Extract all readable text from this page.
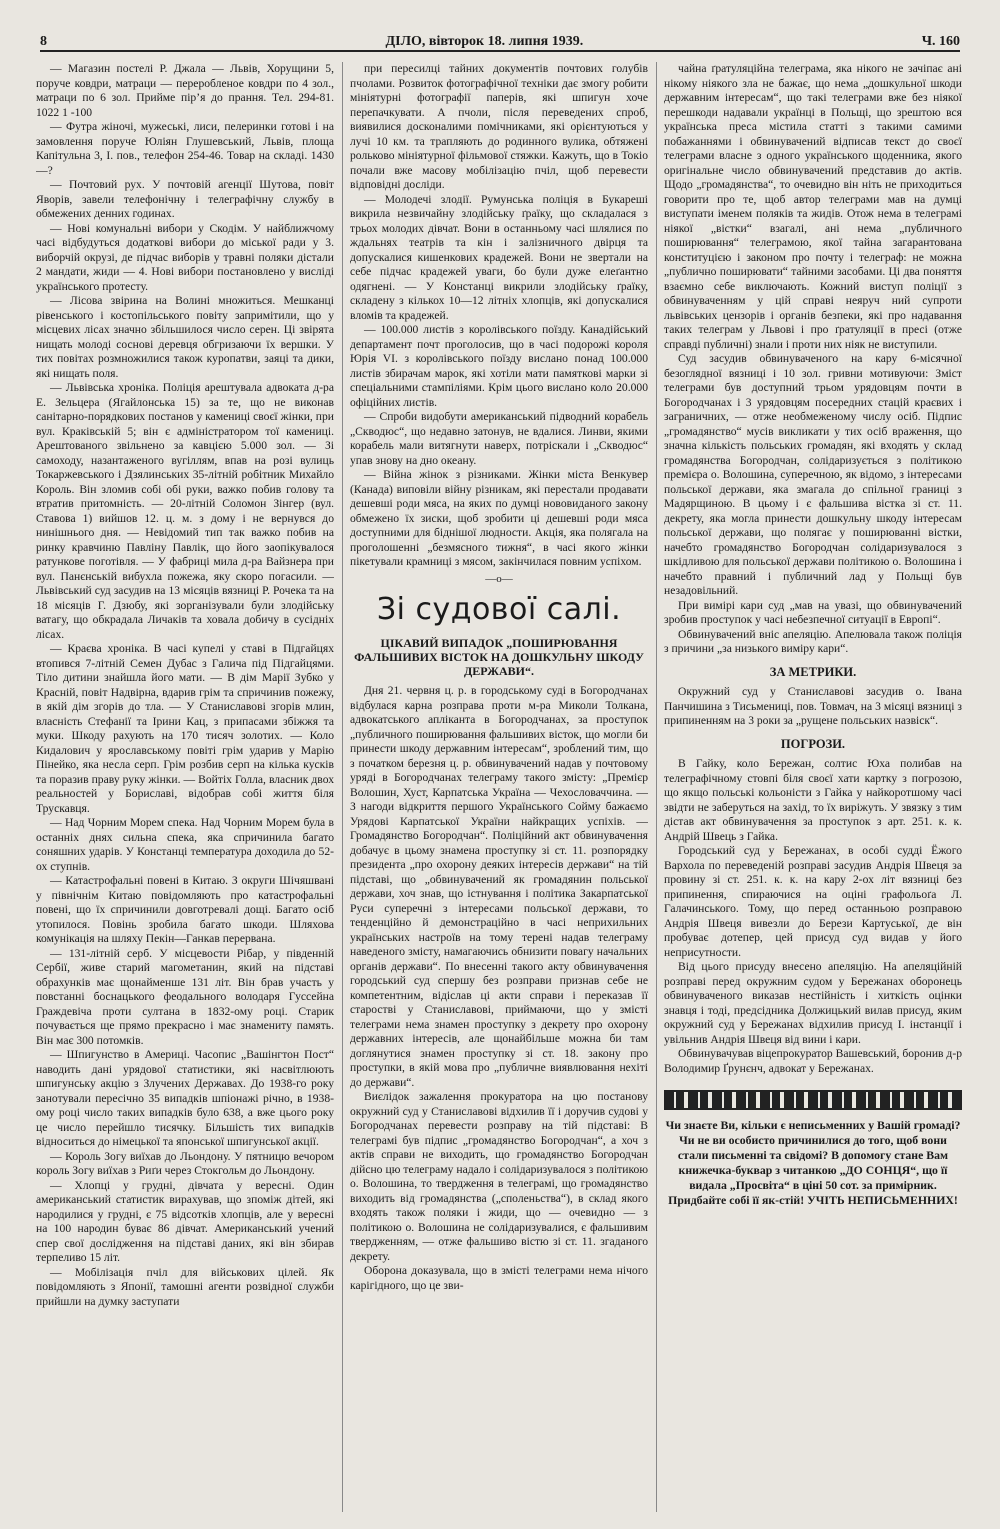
8	ДІЛО, вівторок 18. липня 1939.	Ч. 160

— Магазин постелі Р. Джала — Львів, Хорущини 5, поруче ковдри, матраци — переробленое ковдри по 4 зол., матраци по 6 зол. Прийме пір’я до прання. Тел. 294-81. 1022 1 -100

— Футра жіночі, мужеські, лиси, пелеринки готові і на замовлення поруче Юліян Глушевський, Львів, площа Капітульна 3, І. пов., телефон 254-46. Товар на складі. 1430 —?

— Почтовий рух. У почтовій агенції Шутова, повіт Яворів, завели телефонічну і телеграфічну службу в обмежених денних годинах.

— Нові комунальні вибори у Скодім. У найближчому часі відбудуться додаткові вибори до міської ради у 3. виборчій окрузі, де підчас виборів у травні поляки дістали 2 мандати, жиди — 4. Нові вибори постановлено у висліді українського протесту.

— Лісова звірина на Волині множиться. Мешканці рівенського і костопільського повіту запримітили, що у місцевих лісах значно збільшилося число серен. Ці звірята нищать молоді соснові деревця обгризаючи їх вершки. У тих повітах розмножилися також куропатви, заяці та дики, які нищать поля.

— Львівська хроніка. Поліція арештувала адвоката д-ра Е. Зельцера (Ягайлонська 15) за те, що не виконав санітарно-порядкових постанов у камениці своєї жінки, при вул. Краківській 5; він є адміністратором тої камениці. Арештованого звільнено за кавцією 5.000 зол. — Зі самоходу, назантаженого вугіллям, впав на розі вулиць Токаржевського і Дзялинських 35-літній робітник Михайло Король. Він зломив собі обі руки, важко побив голову та втратив притомність. — 20-літній Соломон Зінгер (вул. Ставова 1) вийшов 12. ц. м. з дому і не вернувся до нинішнього дня. — Невідомий тип так важко побив на ринку кравчиню Павліну Павлік, що його заопікувалося ратункове поготівля. — У фабриці мила д-ра Вайзнера при вул. Панєнській вибухла пожежа, яку скоро погасили. — Львівський суд засудив на 13 місяців вязниці Р. Рочека та на 18 місяців Г. Дзюбу, які зорганізували були злодійську ватагу, що обкрадала Личаків та ховала добичу в сусідніх лісах.

— Краєва хроніка. В часі купелі у ставі в Підгайцях втопився 7-літній Семен Дубас з Галича під Підгайцями. Тіло дитини знайшла його мати. — В дім Марії Зубко у Красній, повіт Надвірна, вдарив грім та спричинив пожежу, в якій дім згорів до тла. — У Станиславові згорів млин, власність Стефанії та Ірини Кац, з припасами збіжжя та муки. Шкоду рахують на 170 тисяч золотих. — Коло Кидалович у ярославському повіті грім ударив у Марію Пінейко, яка несла серп. Грім розбив серп на кілька кусків та поразив праву руку жінки. — Войтіх Голла, власник двох реальностей у Бориславі, відобрав собі життя біля Трускавця.

— Над Чорним Морем спека. Над Чорним Морем була в останніх днях сильна спека, яка спричинила багато соняшних ударів. У Констанці температура доходила до 52-ох ступнів.

— Катастрофальні повені в Китаю. З округи Шічяшвані у північнім Китаю повідомляють про катастрофальні повені, що їх спричинили довготревалі дощі. Багато осіб утопилося. Повінь зробила багато шкоди. Шляхова комунікація на шляху Пекін—Ганкав перервана.

— 131-літній серб. У місцевости Рібар, у південній Сербії, живе старий магометанин, який на підставі обрахунків має щонайменше 131 літ. Він брав участь у повстанні боснацького феодального володаря Гуссейна Граждевіча проти султана в 1832-ому році. Старик почувається ще прямо прекрасно і має знамениту память. Він має 300 потомків.

— Шпигунство в Америці. Часопис „Вашінгтон Пост“ наводить дані урядової статистики, які насвітлюють шпигунську акцію з Злучених Державах. До 1938-го року занотували пересічно 35 випадків шпіонажі річно, в 1938-ому році число таких випадків було 638, а вже цього року це число перейшло тисячку. Більшість тих випадків відноситься до німецької та японської шпигунської акції.

— Король Зогу виїхав до Льондону. У пятницю вечором король Зогу виїхав з Риґи через Стокгольм до Льондону.

— Хлопці у грудні, дівчата у вересні. Один американський статистик вирахував, що зпоміж дітей, які народилися у грудні, є 75 відсотків хлопців, але у вересні на 100 народин буває 86 дівчат. Американський учений спер свої дослідження на підставі даних, які він збирав терпеливо 15 літ.

— Мобілізація пчіл для військових цілей. Як повідомляють з Японії, тамошні агенти розвідної служби прийшли на думку заступати

при пересилці тайних документів почтових голубів пчолами. Розвиток фотографічної техніки дає змогу робити мініятурні фотографії паперів, які шпигун хоче перепачкувати. А пчоли, після переведених спроб, виявилися досконалими помічниками, які орієнтуються у лучі 10 км. та трапляють до родинного вулика, обтяжені рольково мініятурної фільмової стяжки. Кажуть, що в Токіо почали вже масову мобілізацію пчіл, щоб перевести відповідні досліди.

— Молодечі злодії. Румунська поліція в Букареші викрила незвичайну злодійську ґраїку, що складалася з трьох молодих дівчат. Вони в останньому часі шлялися по ждальнях театрів та кін і залізничного двірця та допускалися кишенкових крадежей. Вони не звертали на себе підчас крадежей уваги, бо були дуже елеґантно одягнені. — У Констанці викрили злодійську ґраїку, складену з кількох 10—12 літніх хлопців, які допускалися вломів та крадежей.

— 100.000 листів з королівського поїзду. Канадійський департамент почт проголосив, що в часі подорожі короля Юрія VI. з королівського поїзду вислано понад 100.000 листів збирачам марок, які хотіли мати памяткові марки зі спеціальними стампіліями. Крім цього вислано коло 20.000 офіційних листів.

— Спроби видобути американський підводний корабель „Скводюс“, що недавно затонув, не вдалися. Линви, якими корабель мали витягнути наверх, потріскали і „Скводюс“ упав знову на дно океану.

— Війна жінок з різниками. Жінки міста Венкувер (Канада) виповіли війну різникам, які перестали продавати дешевші роди мяса, на яких по думці нововиданого закону обмежено їх зиски, щоб зробити ці дешевші роди мяса доступними для біднішої людности. Акція, яка полягала на проголошенні „безмясного тижня“, в часі якого жінки пікетували крамниці з мясом, закінчилася повним успіхом.

—о—
Зі судової салі.
ЦІКАВИЙ ВИПАДОК „ПОШИРЮВАННЯ ФАЛЬШИВИХ ВІСТОК НА ДОШКУЛЬНУ ШКОДУ ДЕРЖАВИ“.

Дня 21. червня ц. р. в городському суді в Богородчанах відбулася карна розправа проти м-ра Миколи Толкана, адвокатського апліканта в Богородчанах, за проступок „публичного поширювання фальшивих вісток, що могли би принести шкоду державним інтересам“, зроблений тим, що з початком березня ц. р. обвинувачений надав у почтовому уряді в Богородчанах телеграму такого змісту: „Премієр Волошин, Хуст, Карпатська Україна — Чехословаччина. — З нагоди відкриття першого Українського Сойму бажаємо Урядові Карпатської України найкращих успіхів. — Громадянство Богородчан“. Поліційний акт обвинувачення добачує в цьому знамена проступку зі ст. 11. розпорядку президента „про охорону деяких інтересів держави“ на тій підставі, що „обвинувачений як громадянин польської держави, хоч знав, що істнування і політика Закарпатської Руси суперечні з інтересами польської держави, то тенденційно й демонстраційно в часі неприхильних українських настроїв на тому терені надав телеграму наведеного змісту, намагаючись обнизити повагу начальних органів держави“. По внесенні такого акту обвинувачення городський суд спершу без розправи признав себе не компетентним, відіслав ці акти справи і переказав її старостві у Станиславові, приймаючи, що у змісті телеграми нема знамен проступку з декрету про охорону державних інтересів, але щонайбільше можна би там доглянутися знамен проступку зі ст. 18. закону про проступки, в якій мова про „публичне виявлювання нехіті до держави“.

Виєлідок зажалення прокуратора на цю постанову окружний суд у Станиславові відхилив її і доручив судові у Богородчанах перевести розправу на тій підставі: В телеграмі був підпис „громадянство Богородчан“, а хоч з актів справи не виходить, що громадянство Богородчан дійсно цю телеграму надало і солідаризувалося з політикою о. Волошина, то твердження в телеграмі, що громадянство виходить від громадянства („споленьства“), в склад якого входять також поляки і жиди, що — очевидно — з політикою о. Волошина не солідаризувалися, є фальшивим твердженням, — отже фальшиво вістю зі ст. 11. згаданого декрету.

Оборона доказувала, що в змісті телеграми нема нічого карігідного, що це зви-

чайна ґратуляційна телеграма, яка нікого не зачіпає ані нікому ніякого зла не бажає, що нема „дошкульної шкоди державним інтересам“, що такі телеграми вже без ніякої перешкоди надавали українці в Польщі, що зрештою вся українська преса містила статті з такими самими побажаннями і обвинувачений відписав текст до своєї телеграми власне з одного українського щоденника, якого оригінальне число обвинувачений представив до актів. Щодо „громадянства“, то очевидно він ніть не приходиться говорити про те, щоб автор телеграми мав на думці виступати іменем поляків та жидів. Отож нема в телеграмі ніякої „вістки“ взагалі, ані нема „публичного поширювання“ телеграмою, якої тайна загарантована конституцією і законом про почту і телеграф: не можна „публично поширювати“ тайними засобами. Ці два поняття взаємно себе виключають. Кожний виступ поліції з обвинуваченням у цій справі неяруч ний супроти львівських цензорів і органів безпеки, які про надавання таких телеграм у Львові і про ґратуляції в пресі (отже справді публичні) знали і проти них ніяк не виступили.

Суд засудив обвинуваченого на кару 6-місячної безоглядної вязниці і 10 зол. гривни мотивуючи: Зміст телеграми був доступний трьом урядовцям почти в Богородчанах і 3 урядовцям посередних стацій краєвих і заграничних, — отже необмеженому числу осіб. Підпис „громадянство“ мусів викликати у тих осіб враження, що значна кількість польських громадян, які входять у склад громадянства Богородчан, солідаризується з політикою премієра о. Волошина, суперечною, як відомо, з інтересами польської держави, яка змагала до спільної границі з Мадярщиною. В цьому і є фальшива вістка зі ст. 11. декрету, яка могла принести дошкульну шкоду інтересам польської держави, що полягає у поширюванні вістки, начебто громадянство Богородчан солідаризувалося з шкідливою для польської держави політикою о. Волошина і начебто правний і публичний лад у Польщі був незадовільний.

При вимірі кари суд „мав на увазі, що обвинувачений зробив проступок у часі небезпечної ситуації в Европі“.

Обвинувачений вніс апеляцію. Апелювала також поліція з причини „за низького виміру кари“.

ЗА МЕТРИКИ.

Окружний суд у Станиславові засудив о. Івана Панчишина з Тисьмениці, пов. Товмач, на 3 місяці вязниці з припиненням на 3 роки за „рущене польських назвіск“.

ПОГРОЗИ.

В Гайку, коло Бережан, солтис Юха полибав на телеграфічному стовпі біля своєї хати картку з погрозою, що якщо польські кольоністи з Гайка у найкоротшому часі звідти не заберуться на захід, то їх виріжуть. У звязку з тим дістав акт обвинувачення за проступок з арт. 251. к. к. Андрій Швець з Гайка.

Городський суд у Бережанах, в особі судді Ёжого Вархола по переведеній розправі засудив Андрія Швеця за провину зі ст. 251. к. к. на кару 2-ох літ вязниці без припинення, спираючися на оціні графольоґа Л. Галачинського. Тому, що перед останньою розправою Андрія Швеця вивезли до Берези Картуської, де він пробуває дотепер, цей присуд суд видав у його неприсутности.

Від цього присуду внесено апеляцію. На апеляційній розправі перед окружним судом у Бережанах оборонець обвинуваченого виказав нестійність і хиткість оцінки знавця і тоді, предсідника Должицький вилав присуд, яким окружний суд у Бережанах відхилив присуд І. інстанції і увільнив Андрія Швеця від вини і кари.

Обвинувачував віцепрокуратор Вашевський, боронив д-р Володимир Ґрунєнч, адвокат у Бережанах.

Чи знаєте Ви, кільки є неписьменних у Вашій громаді? Чи не ви особисто причинилися до того, щоб вони стали письменні та свідомі? В допомогу стане Вам книжечка-буквар з читанкою „ДО СОНЦЯ“, що її видала „Просвіта“ в ціні 50 сот. за примірник. Придбайте собі її як-стій! УЧІТЬ НЕПИСЬМЕННИХ!
